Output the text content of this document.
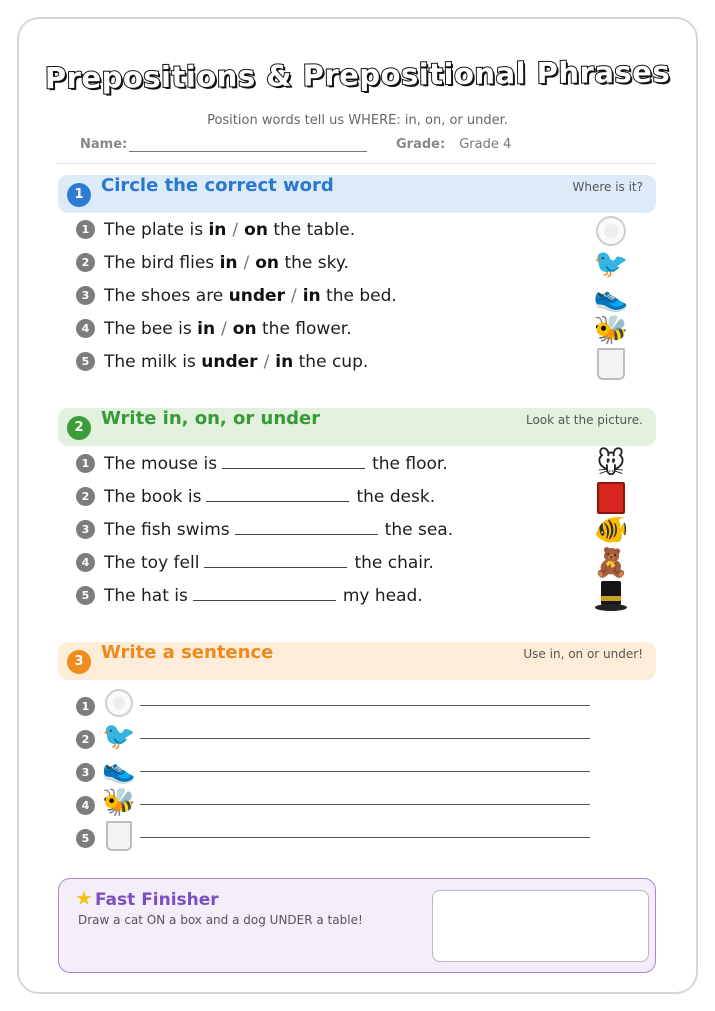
Prepositions & Prepositional Phrases
Position words tell us WHERE: in, on, or under.
Name:	Grade: Grade 4
1 Circle the correct word	Where is it?
1 The plate is in / on the table.
2 The bird flies in / on the sky.
3 The shoes are under / in the bed.
4 The bee is in / on the flower.
5 The milk is under / in the cup.
🐦
👟
🐝
2 Write in, on, or under	Look at the picture.
1 The mouse is	the floor.
2 The book is	the desk.
3 The fish swims	the sea.
4 The toy fell	the chair.
5 The hat is	my head.
🐭
🐠
🧸
3 Write a sentence	Use in, on or under!
1
2 🐦
3 👟
4 🐝
5
★ Fast Finisher
Draw a cat ON a box and a dog UNDER a table!
